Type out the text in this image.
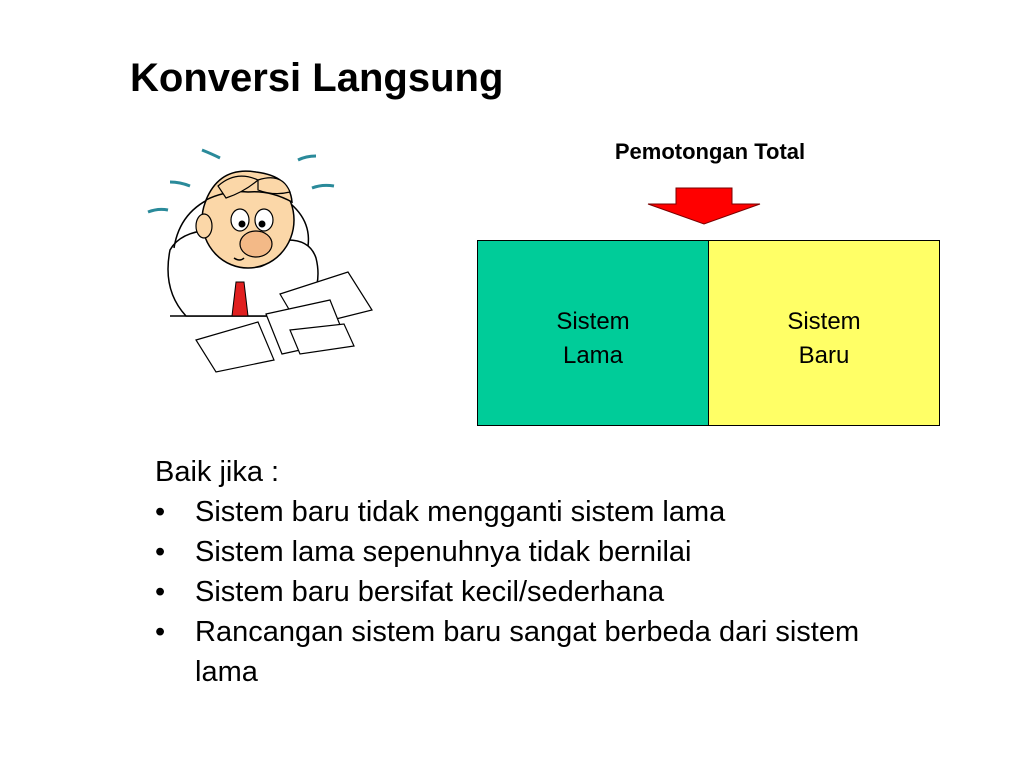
Konversi Langsung
Pemotongan Total
Sistem
Lama
Sistem
Baru
Baik jika :
• Sistem baru tidak mengganti sistem lama
• Sistem lama sepenuhnya tidak bernilai
• Sistem baru bersifat kecil/sederhana
• Rancangan sistem baru sangat berbeda dari sistem lama
